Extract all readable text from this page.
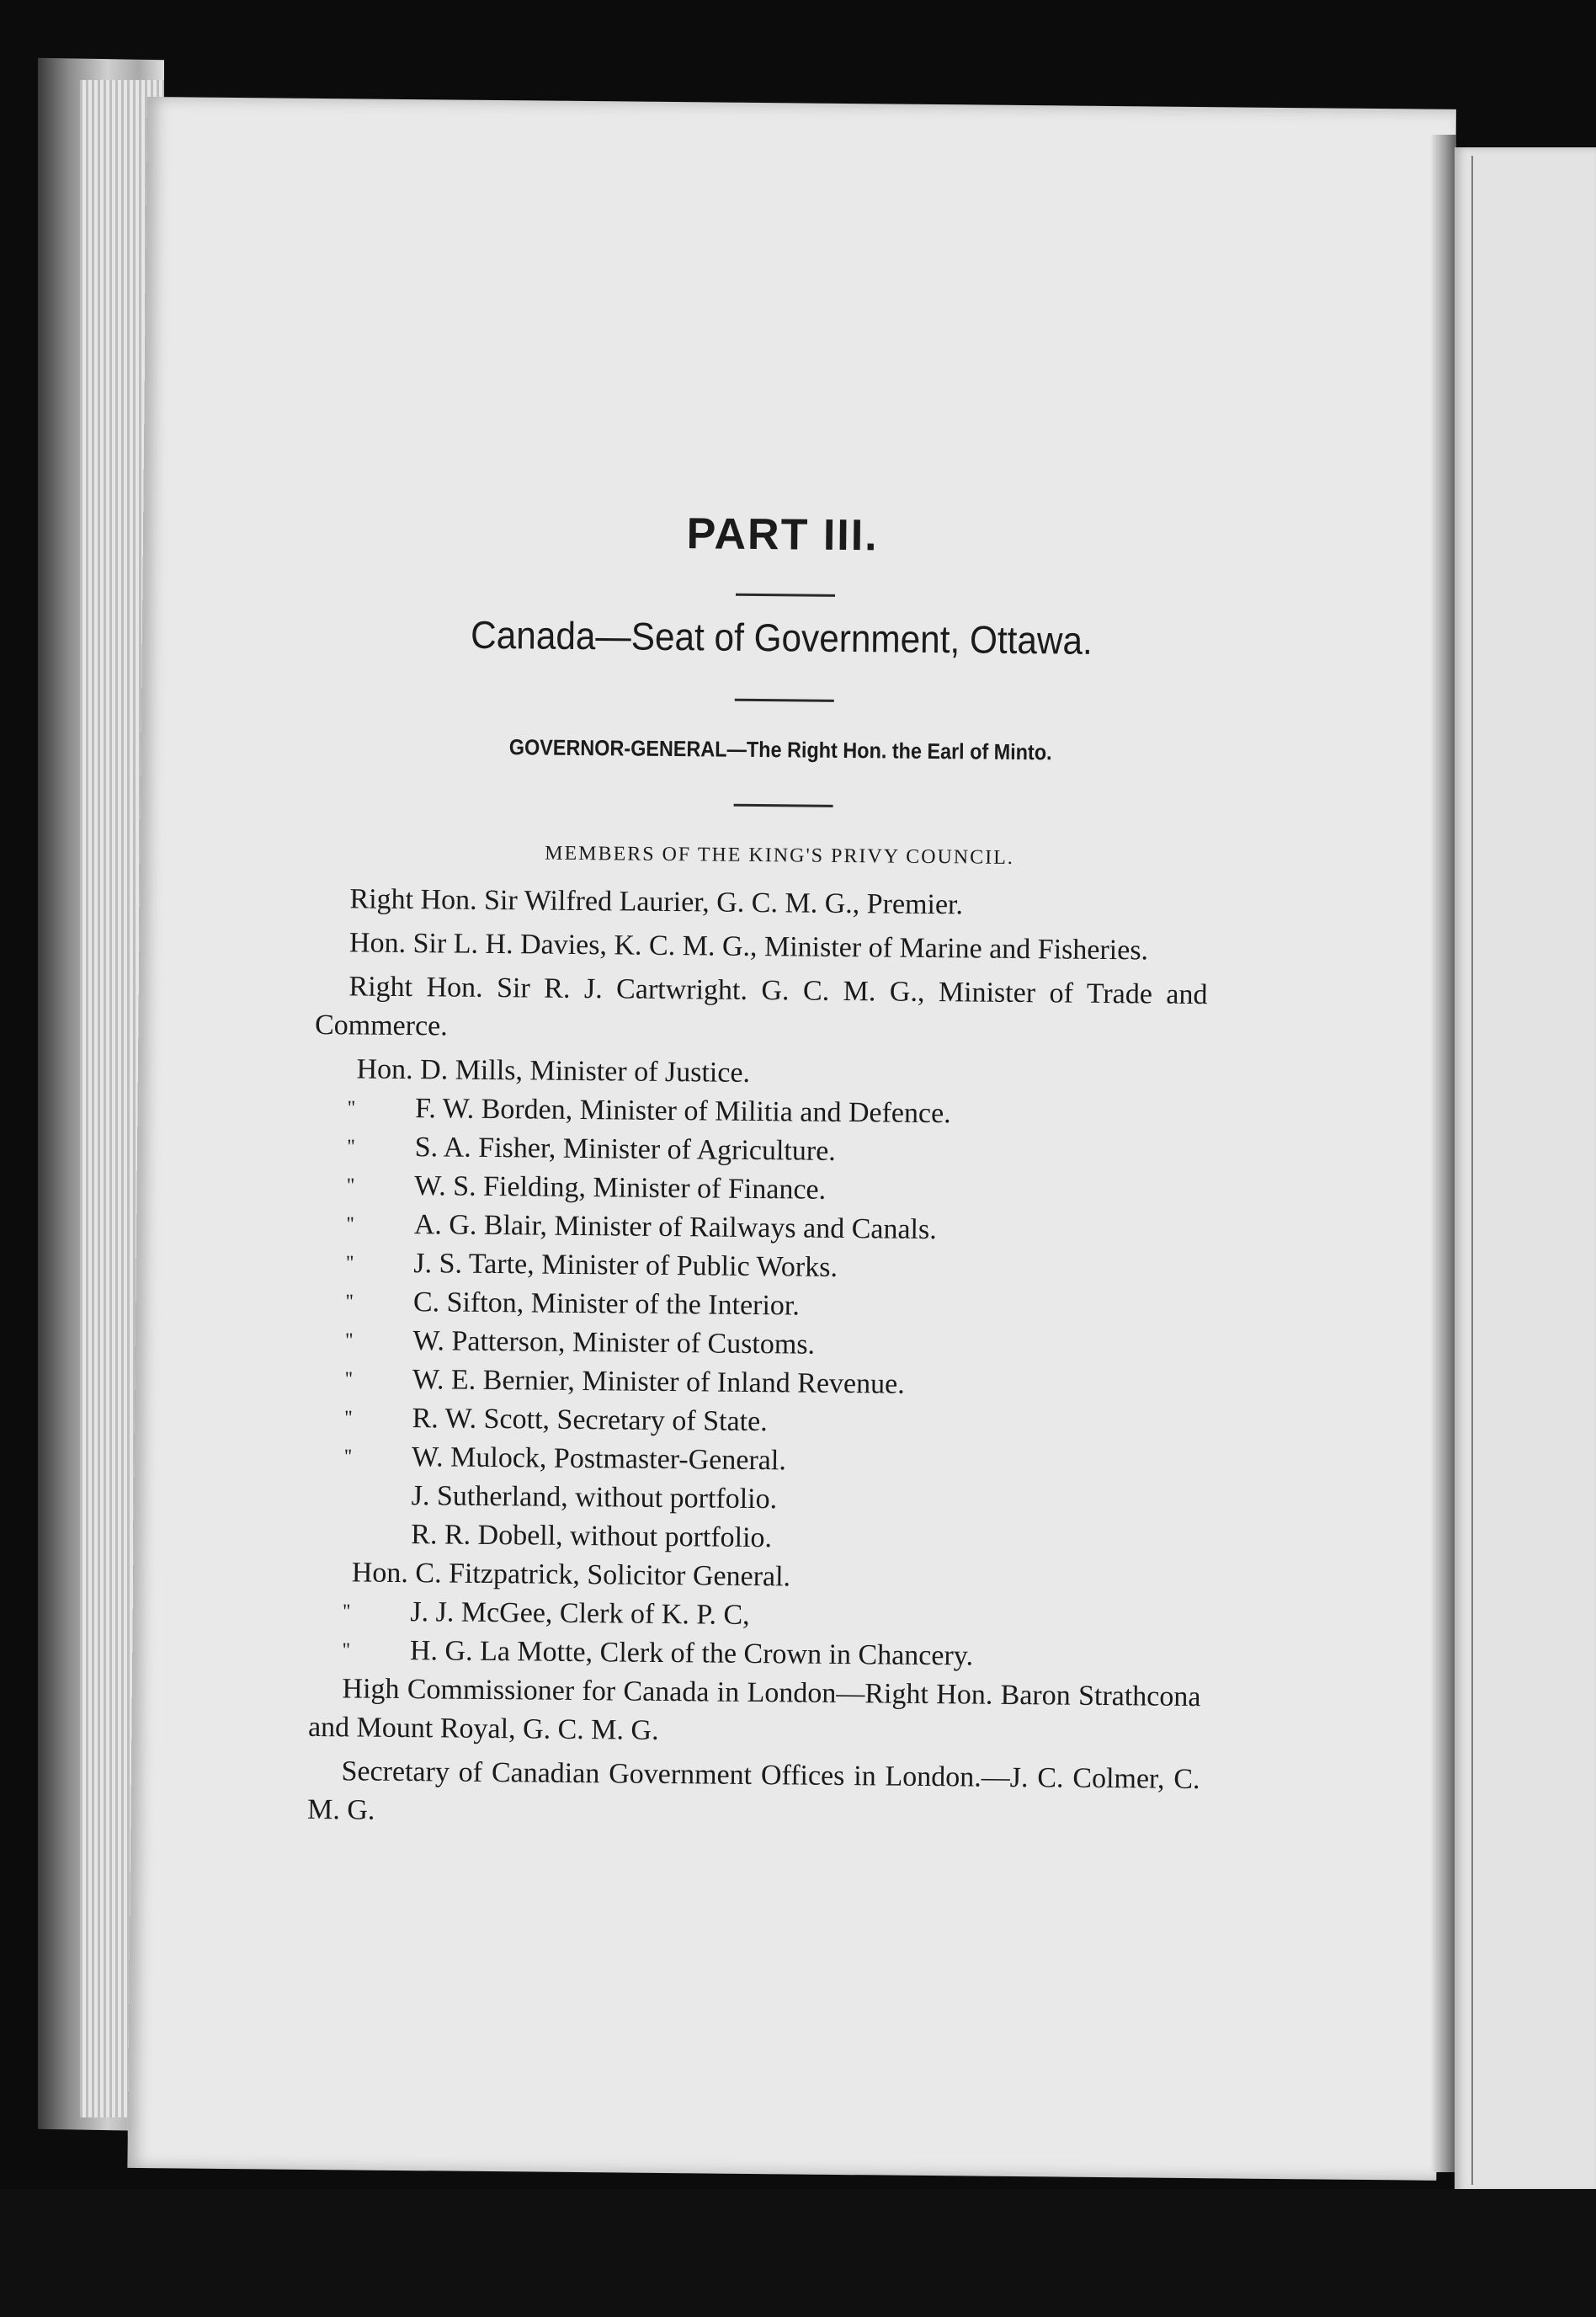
PART III.
Canada—Seat of Government, Ottawa.
GOVERNOR-GENERAL—The Right Hon. the Earl of Minto.
MEMBERS OF THE KING'S PRIVY COUNCIL.
Right Hon. Sir Wilfred Laurier, G. C. M. G., Premier.
Hon. Sir L. H. Davies, K. C. M. G., Minister of Marine and Fisheries.
Right Hon. Sir R. J. Cartwright. G. C. M. G., Minister of Trade and Commerce.
Hon. D. Mills, Minister of Justice.
''	F. W. Borden, Minister of Militia and Defence.
''	S. A. Fisher, Minister of Agriculture.
''	W. S. Fielding, Minister of Finance.
''	A. G. Blair, Minister of Railways and Canals.
''	J. S. Tarte, Minister of Public Works.
''	C. Sifton, Minister of the Interior.
''	W. Patterson, Minister of Customs.
''	W. E. Bernier, Minister of Inland Revenue.
''	R. W. Scott, Secretary of State.
''	W. Mulock, Postmaster-General.
J. Sutherland, without portfolio.
R. R. Dobell, without portfolio.
Hon. C. Fitzpatrick, Solicitor General.
''	J. J. McGee, Clerk of K. P. C,
''	H. G. La Motte, Clerk of the Crown in Chancery.
High Commissioner for Canada in London—Right Hon. Baron Strathcona and Mount Royal, G. C. M. G.
Secretary of Canadian Government Offices in London.—J. C. Colmer, C. M. G.
